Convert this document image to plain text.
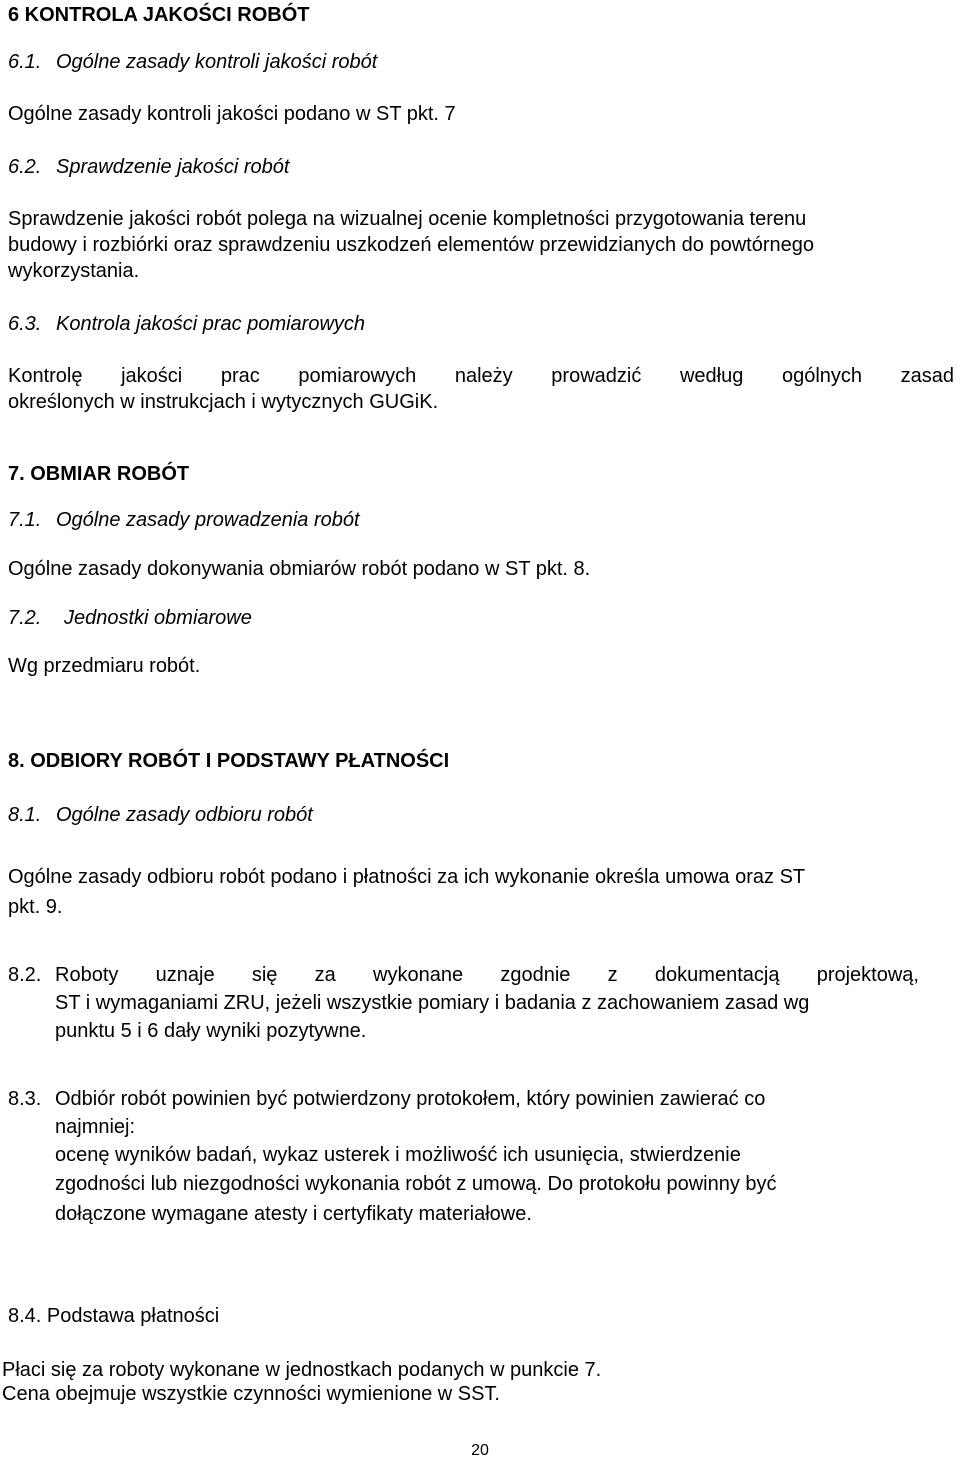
6 KONTROLA JAKOŚCI ROBÓT

6.1. Ogólne zasady kontroli jakości robót

Ogólne zasady kontroli jakości podano w ST pkt. 7

6.2. Sprawdzenie jakości robót

Sprawdzenie jakości robót polega na wizualnej ocenie kompletności przygotowania terenu

budowy i rozbiórki oraz sprawdzeniu uszkodzeń elementów przewidzianych do powtórnego

wykorzystania.

6.3. Kontrola jakości prac pomiarowych

Kontrolę jakości prac pomiarowych należy prowadzić według ogólnych zasad

określonych w instrukcjach i wytycznych GUGiK.

7. OBMIAR ROBÓT

7.1. Ogólne zasady prowadzenia robót

Ogólne zasady dokonywania obmiarów robót podano w ST pkt. 8.

7.2. Jednostki obmiarowe

Wg przedmiaru robót.

8. ODBIORY ROBÓT I PODSTAWY PŁATNOŚCI

8.1. Ogólne zasady odbioru robót

Ogólne zasady odbioru robót podano i płatności za ich wykonanie określa umowa oraz ST

pkt. 9.

8.2. Roboty uznaje się za wykonane zgodnie z dokumentacją projektową,

ST i wymaganiami ZRU, jeżeli wszystkie pomiary i badania z zachowaniem zasad wg

punktu 5 i 6 dały wyniki pozytywne.

8.3. Odbiór robót powinien być potwierdzony protokołem, który powinien zawierać co

najmniej:

ocenę wyników badań, wykaz usterek i możliwość ich usunięcia, stwierdzenie

zgodności lub niezgodności wykonania robót z umową. Do protokołu powinny być

dołączone wymagane atesty i certyfikaty materiałowe.

8.4. Podstawa płatności

Płaci się za roboty wykonane w jednostkach podanych w punkcie 7.

Cena obejmuje wszystkie czynności wymienione w SST.

20
